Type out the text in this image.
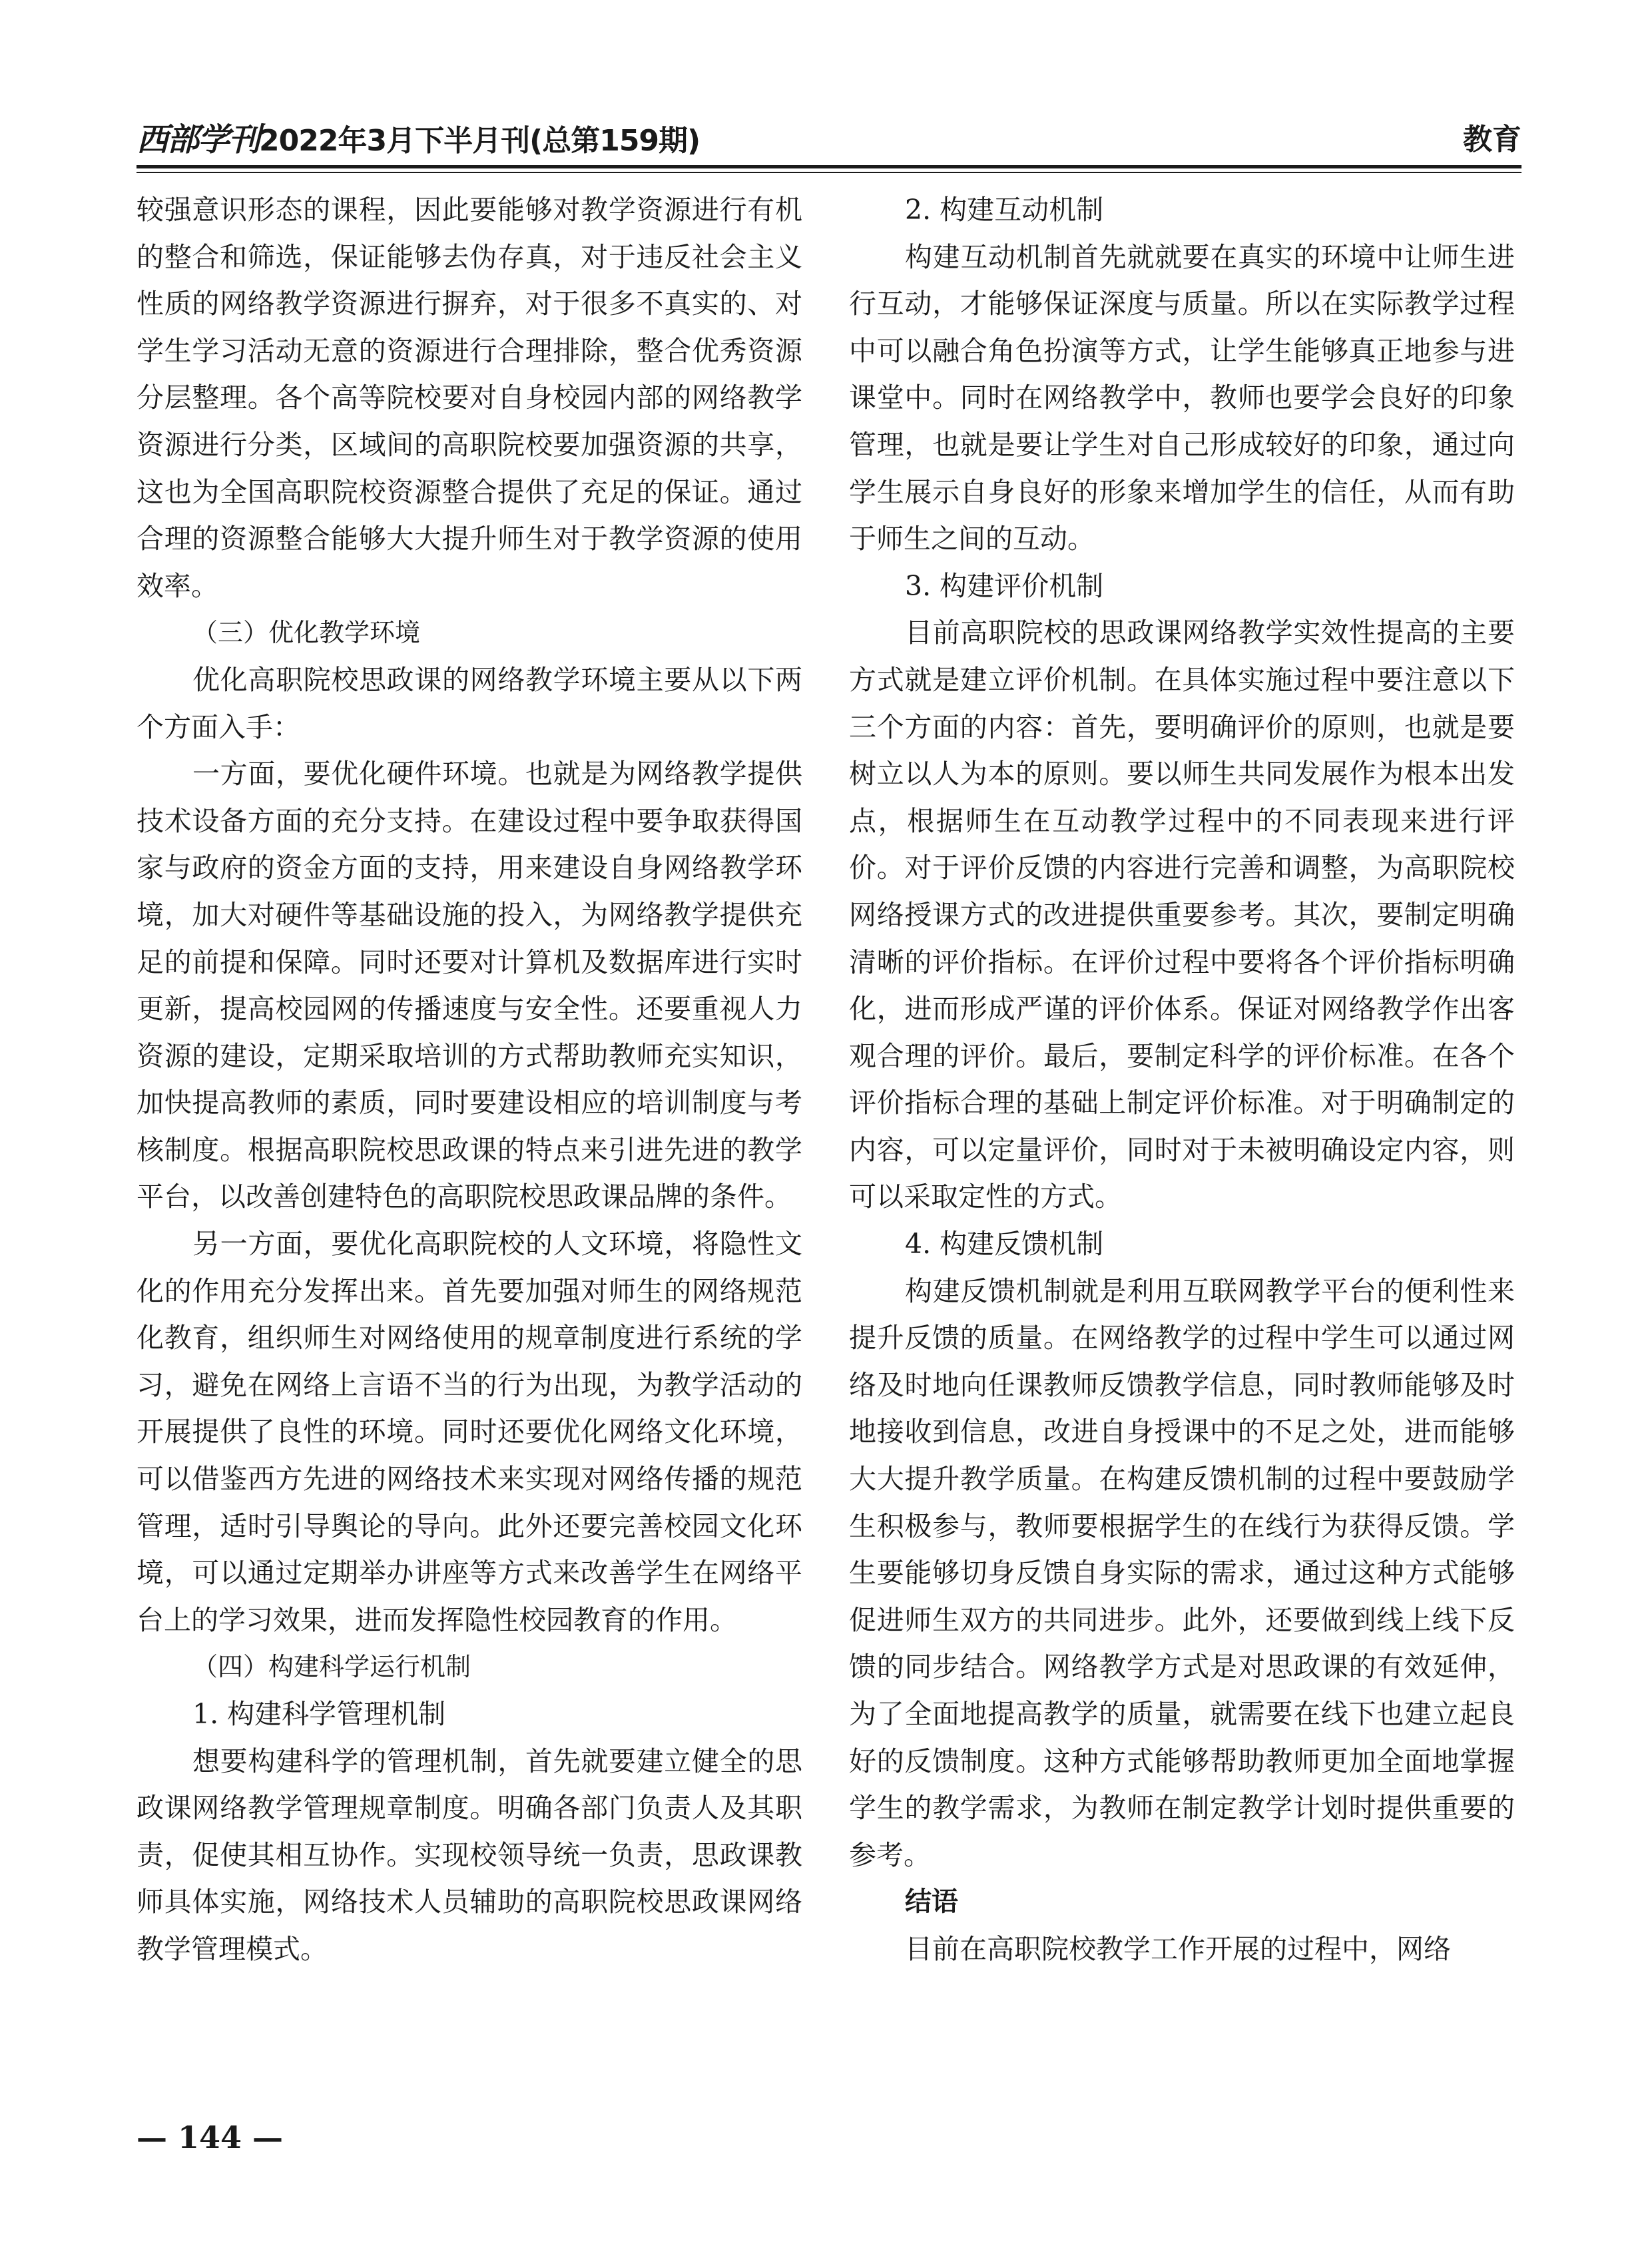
西部学刊2022年3月下半月刊(总第159期)	教育

较强意识形态的课程，因此要能够对教学资源进行有机的整合和筛选，保证能够去伪存真，对于违反社会主义性质的网络教学资源进行摒弃，对于很多不真实的、对学生学习活动无意的资源进行合理排除，整合优秀资源分层整理。各个高等院校要对自身校园内部的网络教学资源进行分类，区域间的高职院校要加强资源的共享，这也为全国高职院校资源整合提供了充足的保证。通过合理的资源整合能够大大提升师生对于教学资源的使用效率。

（三）优化教学环境

优化高职院校思政课的网络教学环境主要从以下两个方面入手：

一方面，要优化硬件环境。也就是为网络教学提供技术设备方面的充分支持。在建设过程中要争取获得国家与政府的资金方面的支持，用来建设自身网络教学环境，加大对硬件等基础设施的投入，为网络教学提供充足的前提和保障。同时还要对计算机及数据库进行实时更新，提高校园网的传播速度与安全性。还要重视人力资源的建设，定期采取培训的方式帮助教师充实知识，加快提高教师的素质，同时要建设相应的培训制度与考核制度。根据高职院校思政课的特点来引进先进的教学平台，以改善创建特色的高职院校思政课品牌的条件。

另一方面，要优化高职院校的人文环境，将隐性文化的作用充分发挥出来。首先要加强对师生的网络规范化教育，组织师生对网络使用的规章制度进行系统的学习，避免在网络上言语不当的行为出现，为教学活动的开展提供了良性的环境。同时还要优化网络文化环境，可以借鉴西方先进的网络技术来实现对网络传播的规范管理，适时引导舆论的导向。此外还要完善校园文化环境，可以通过定期举办讲座等方式来改善学生在网络平台上的学习效果，进而发挥隐性校园教育的作用。

（四）构建科学运行机制

1. 构建科学管理机制

想要构建科学的管理机制，首先就要建立健全的思政课网络教学管理规章制度。明确各部门负责人及其职责，促使其相互协作。实现校领导统一负责，思政课教师具体实施，网络技术人员辅助的高职院校思政课网络教学管理模式。

2. 构建互动机制

构建互动机制首先就就要在真实的环境中让师生进行互动，才能够保证深度与质量。所以在实际教学过程中可以融合角色扮演等方式，让学生能够真正地参与进课堂中。同时在网络教学中，教师也要学会良好的印象管理，也就是要让学生对自己形成较好的印象，通过向学生展示自身良好的形象来增加学生的信任，从而有助于师生之间的互动。

3. 构建评价机制

目前高职院校的思政课网络教学实效性提高的主要方式就是建立评价机制。在具体实施过程中要注意以下三个方面的内容：首先，要明确评价的原则，也就是要树立以人为本的原则。要以师生共同发展作为根本出发点，根据师生在互动教学过程中的不同表现来进行评价。对于评价反馈的内容进行完善和调整，为高职院校网络授课方式的改进提供重要参考。其次，要制定明确清晰的评价指标。在评价过程中要将各个评价指标明确化，进而形成严谨的评价体系。保证对网络教学作出客观合理的评价。最后，要制定科学的评价标准。在各个评价指标合理的基础上制定评价标准。对于明确制定的内容，可以定量评价，同时对于未被明确设定内容，则可以采取定性的方式。

4. 构建反馈机制

构建反馈机制就是利用互联网教学平台的便利性来提升反馈的质量。在网络教学的过程中学生可以通过网络及时地向任课教师反馈教学信息，同时教师能够及时地接收到信息，改进自身授课中的不足之处，进而能够大大提升教学质量。在构建反馈机制的过程中要鼓励学生积极参与，教师要根据学生的在线行为获得反馈。学生要能够切身反馈自身实际的需求，通过这种方式能够促进师生双方的共同进步。此外，还要做到线上线下反馈的同步结合。网络教学方式是对思政课的有效延伸，为了全面地提高教学的质量，就需要在线下也建立起良好的反馈制度。这种方式能够帮助教师更加全面地掌握学生的教学需求，为教师在制定教学计划时提供重要的参考。

结语

目前在高职院校教学工作开展的过程中，网络

— 144 —
